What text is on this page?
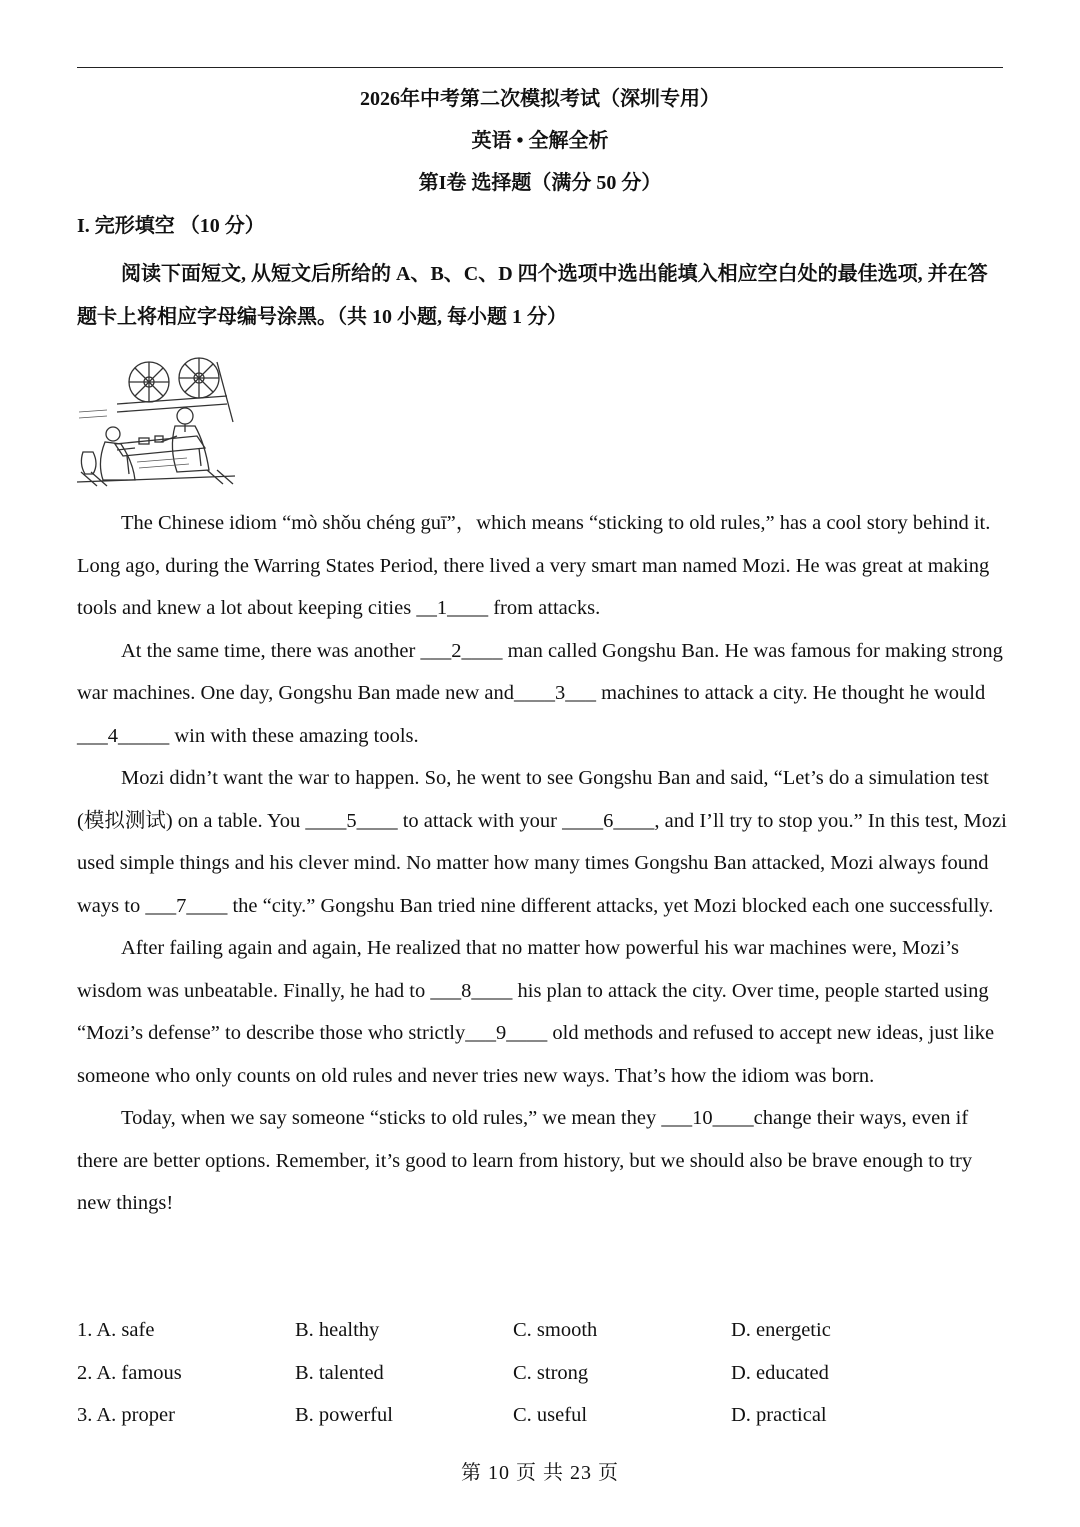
2026年中考第二次模拟考试（深圳专用）
英语 • 全解全析
第I卷 选择题（满分 50 分）
I. 完形填空 （10 分）
阅读下面短文, 从短文后所给的 A、B、C、D 四个选项中选出能填入相应空白处的最佳选项, 并在答题卡上将相应字母编号涂黑。（共 10 小题, 每小题 1 分）

The Chinese idiom “mò shǒu chéng guī”，which means “sticking to old rules,” has a cool story behind it. Long ago, during the Warring States Period, there lived a very smart man named Mozi. He was great at making tools and knew a lot about keeping cities __1____ from attacks.

At the same time, there was another ___2____ man called Gongshu Ban. He was famous for making strong war machines. One day, Gongshu Ban made new and____3___ machines to attack a city. He thought he would ___4_____ win with these amazing tools.

Mozi didn’t want the war to happen. So, he went to see Gongshu Ban and said, “Let’s do a simulation test (模拟测试) on a table. You ____5____ to attack with your ____6____, and I’ll try to stop you.” In this test, Mozi used simple things and his clever mind. No matter how many times Gongshu Ban attacked, Mozi always found ways to ___7____ the “city.” Gongshu Ban tried nine different attacks, yet Mozi blocked each one successfully.

After failing again and again, He realized that no matter how powerful his war machines were, Mozi’s wisdom was unbeatable. Finally, he had to ___8____ his plan to attack the city. Over time, people started using “Mozi’s defense” to describe those who strictly___9____ old methods and refused to accept new ideas, just like someone who only counts on old rules and never tries new ways. That’s how the idiom was born.

Today, when we say someone “sticks to old rules,” we mean they ___10____change their ways, even if there are better options. Remember, it’s good to learn from history, but we should also be brave enough to try new things!

1. A. safe	B. healthy	C. smooth	D. energetic
2. A. famous	B. talented	C. strong	D. educated
3. A. proper	B. powerful	C. useful	D. practical
第 10 页 共 23 页
